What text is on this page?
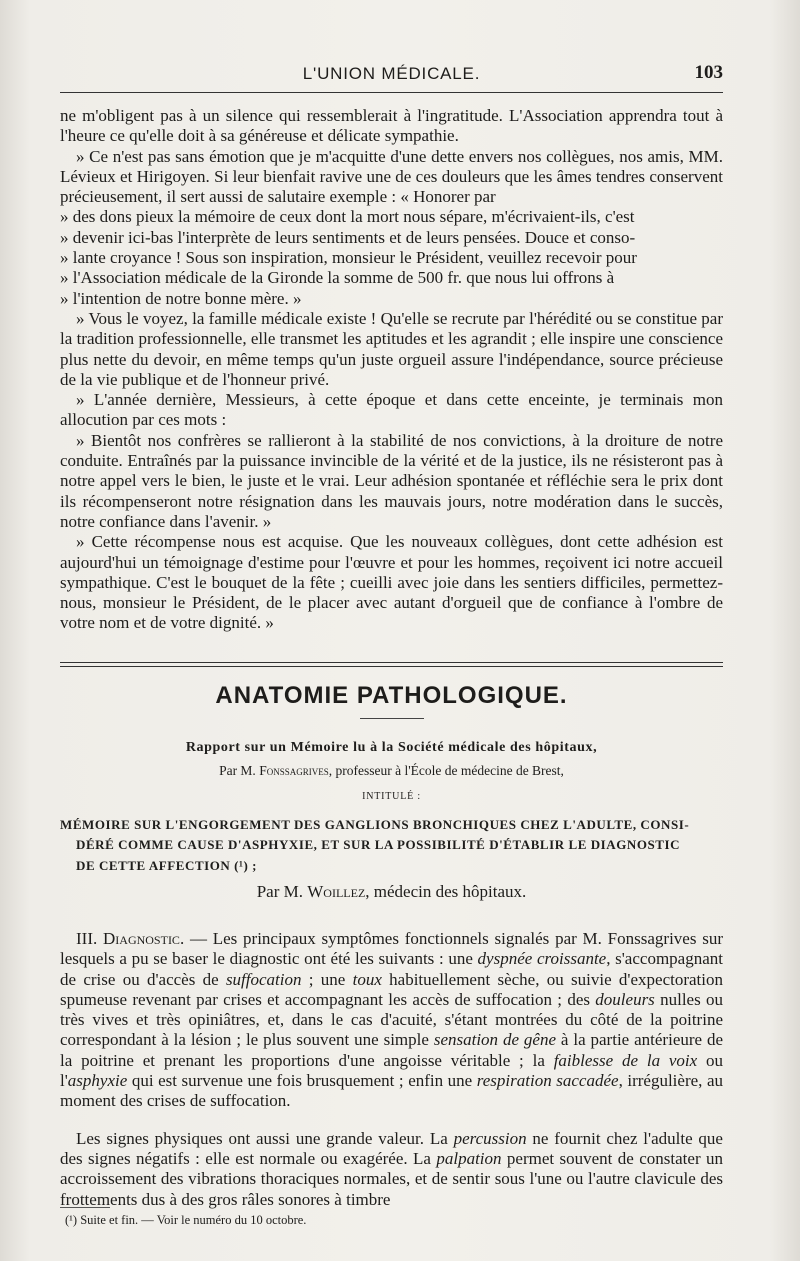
L'UNION MÉDICALE.	103

ne m'obligent pas à un silence qui ressemblerait à l'ingratitude. L'Association apprendra tout à l'heure ce qu'elle doit à sa généreuse et délicate sympathie.

» Ce n'est pas sans émotion que je m'acquitte d'une dette envers nos collègues, nos amis, MM. Lévieux et Hirigoyen. Si leur bienfait ravive une de ces douleurs que les âmes tendres conservent précieusement, il sert aussi de salutaire exemple : « Honorer par

» des dons pieux la mémoire de ceux dont la mort nous sépare, m'écrivaient-ils, c'est
» devenir ici-bas l'interprète de leurs sentiments et de leurs pensées. Douce et conso-
» lante croyance ! Sous son inspiration, monsieur le Président, veuillez recevoir pour
» l'Association médicale de la Gironde la somme de 500 fr. que nous lui offrons à
» l'intention de notre bonne mère. »

» Vous le voyez, la famille médicale existe ! Qu'elle se recrute par l'hérédité ou se constitue par la tradition professionnelle, elle transmet les aptitudes et les agrandit ; elle inspire une conscience plus nette du devoir, en même temps qu'un juste orgueil assure l'indépendance, source précieuse de la vie publique et de l'honneur privé.

» L'année dernière, Messieurs, à cette époque et dans cette enceinte, je terminais mon allocution par ces mots :

» Bientôt nos confrères se rallieront à la stabilité de nos convictions, à la droiture de notre conduite. Entraînés par la puissance invincible de la vérité et de la justice, ils ne résisteront pas à notre appel vers le bien, le juste et le vrai. Leur adhésion spontanée et réfléchie sera le prix dont ils récompenseront notre résignation dans les mauvais jours, notre modération dans le succès, notre confiance dans l'avenir. »

» Cette récompense nous est acquise. Que les nouveaux collègues, dont cette adhésion est aujourd'hui un témoignage d'estime pour l'œuvre et pour les hommes, reçoivent ici notre accueil sympathique. C'est le bouquet de la fête ; cueilli avec joie dans les sentiers difficiles, permettez-nous, monsieur le Président, de le placer avec autant d'orgueil que de confiance à l'ombre de votre nom et de votre dignité. »

ANATOMIE PATHOLOGIQUE.
Rapport sur un Mémoire lu à la Société médicale des hôpitaux,
Par M. Fonssagrives, professeur à l'École de médecine de Brest,
INTITULÉ :
MÉMOIRE SUR L'ENGORGEMENT DES GANGLIONS BRONCHIQUES CHEZ L'ADULTE, CONSI-
DÉRÉ COMME CAUSE D'ASPHYXIE, ET SUR LA POSSIBILITÉ D'ÉTABLIR LE DIAGNOSTIC
DE CETTE AFFECTION (¹) ;
Par M. Woillez, médecin des hôpitaux.

III. Diagnostic. — Les principaux symptômes fonctionnels signalés par M. Fonssagrives sur lesquels a pu se baser le diagnostic ont été les suivants : une dyspnée croissante, s'accompagnant de crise ou d'accès de suffocation ; une toux habituellement sèche, ou suivie d'expectoration spumeuse revenant par crises et accompagnant les accès de suffocation ; des douleurs nulles ou très vives et très opiniâtres, et, dans le cas d'acuité, s'étant montrées du côté de la poitrine correspondant à la lésion ; le plus souvent une simple sensation de gêne à la partie antérieure de la poitrine et prenant les proportions d'une angoisse véritable ; la faiblesse de la voix ou l'asphyxie qui est survenue une fois brusquement ; enfin une respiration saccadée, irrégulière, au moment des crises de suffocation.

Les signes physiques ont aussi une grande valeur. La percussion ne fournit chez l'adulte que des signes négatifs : elle est normale ou exagérée. La palpation permet souvent de constater un accroissement des vibrations thoraciques normales, et de sentir sous l'une ou l'autre clavicule des frottements dus à des gros râles sonores à timbre

(¹) Suite et fin. — Voir le numéro du 10 octobre.
